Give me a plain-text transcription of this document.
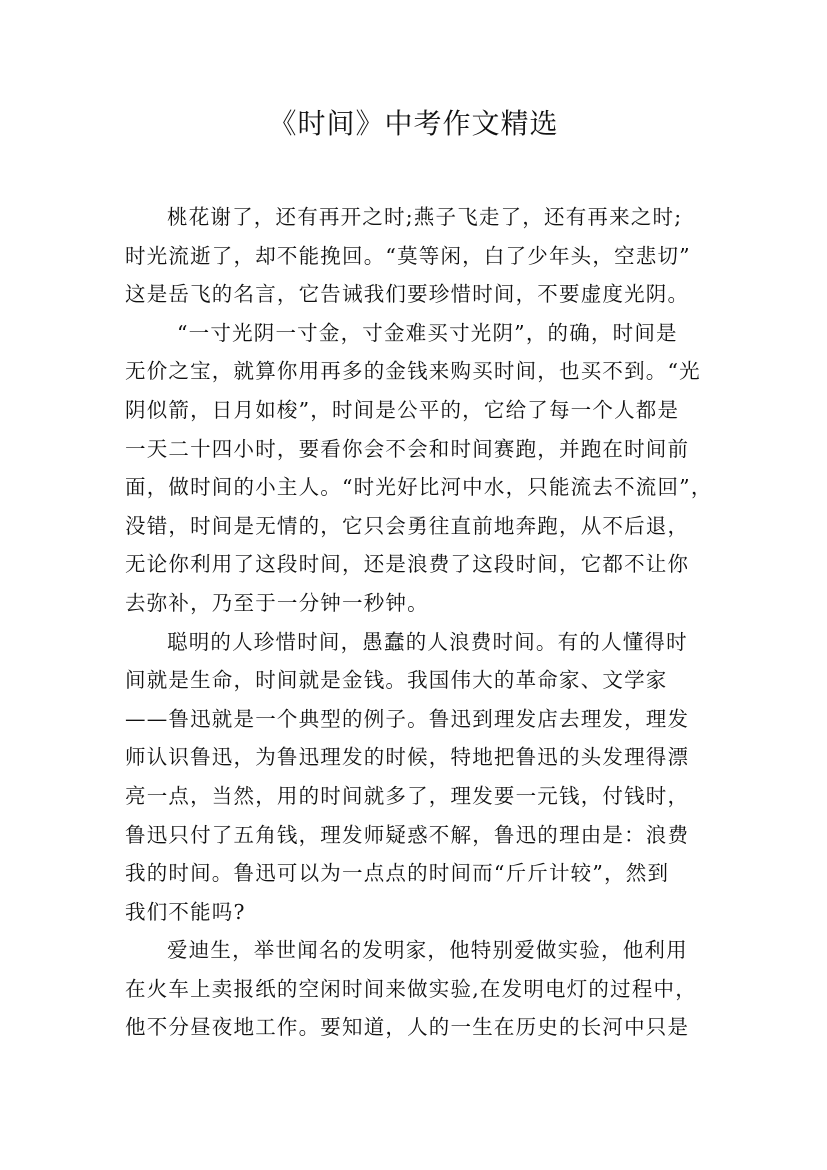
《时间》中考作文精选
桃花谢了，还有再开之时;燕子飞走了，还有再来之时;
时光流逝了，却不能挽回。“莫等闲，白了少年头，空悲切”
这是岳飞的名言，它告诫我们要珍惜时间，不要虚度光阴。
“一寸光阴一寸金，寸金难买寸光阴”，的确，时间是
无价之宝，就算你用再多的金钱来购买时间，也买不到。“光
阴似箭，日月如梭”，时间是公平的，它给了每一个人都是
一天二十四小时，要看你会不会和时间赛跑，并跑在时间前
面，做时间的小主人。“时光好比河中水，只能流去不流回”，
没错，时间是无情的，它只会勇往直前地奔跑，从不后退，
无论你利用了这段时间，还是浪费了这段时间，它都不让你
去弥补，乃至于一分钟一秒钟。
聪明的人珍惜时间，愚蠢的人浪费时间。有的人懂得时
间就是生命，时间就是金钱。我国伟大的革命家、文学家
——鲁迅就是一个典型的例子。鲁迅到理发店去理发，理发
师认识鲁迅，为鲁迅理发的时候，特地把鲁迅的头发理得漂
亮一点，当然，用的时间就多了，理发要一元钱，付钱时，
鲁迅只付了五角钱，理发师疑惑不解，鲁迅的理由是：浪费
我的时间。鲁迅可以为一点点的时间而“斤斤计较”，然到
我们不能吗?
爱迪生，举世闻名的发明家，他特别爱做实验，他利用
在火车上卖报纸的空闲时间来做实验,在发明电灯的过程中，
他不分昼夜地工作。要知道，人的一生在历史的长河中只是
